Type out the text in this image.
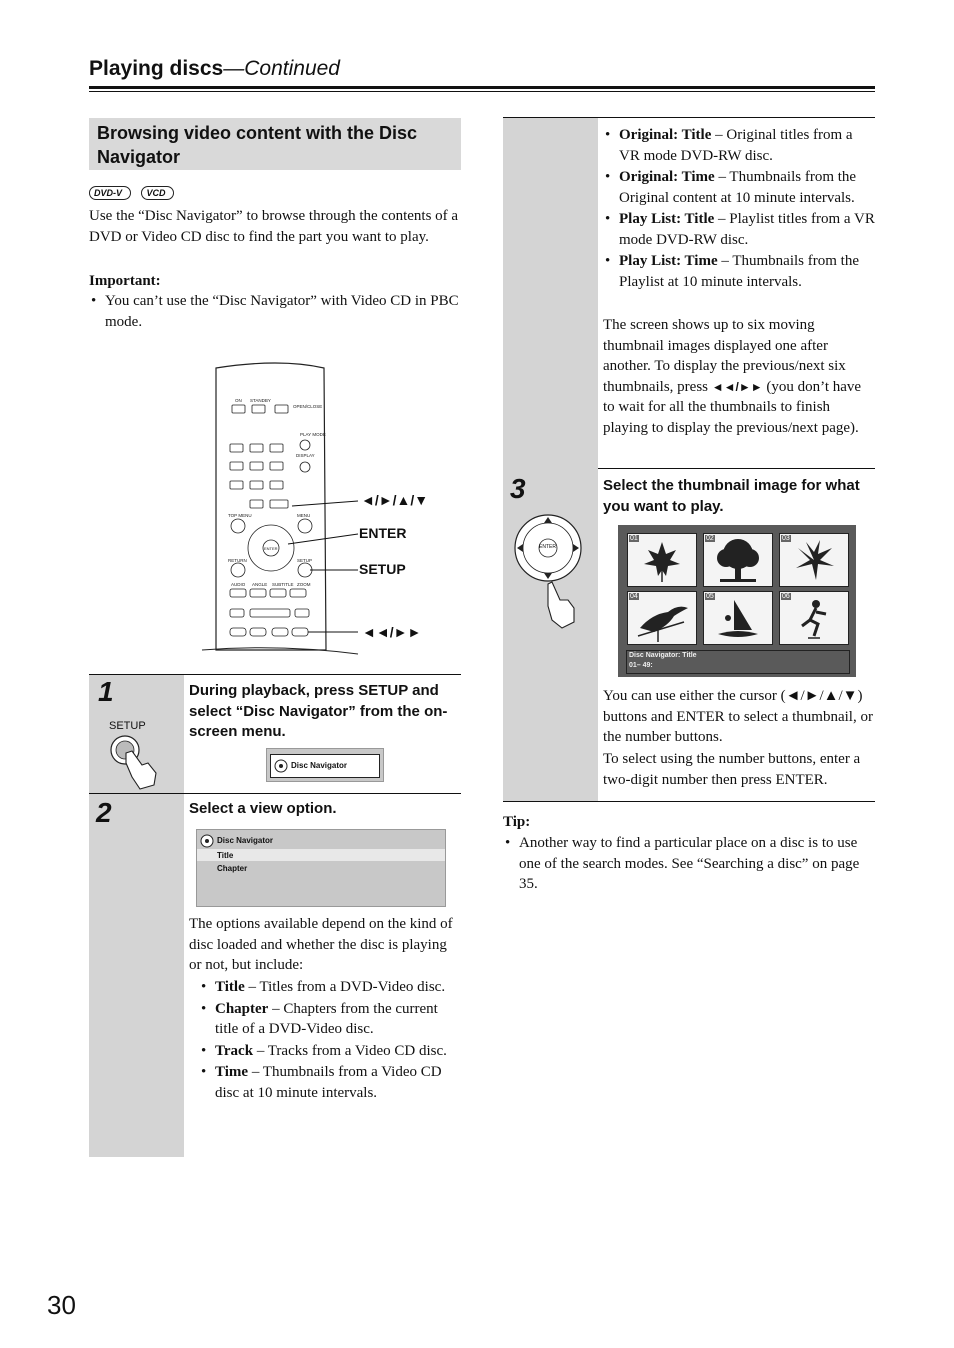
Playing discs—Continued
Browsing video content with the Disc Navigator
DVD-V	VCD
Use the “Disc Navigator” to browse through the contents of a DVD or Video CD disc to find the part you want to play.
Important:
• You can’t use the “Disc Navigator” with Video CD in PBC mode.
ON STANDBY
OPEN/CLOSE
PLAY MODE
DISPLAY
TOP MENU	MENU
RETURN	SETUP
AUDIO ANGLE SUBTITLE ZOOM
ENTER
◄/►/▲/▼
ENTER
SETUP
◄◄/►►
1
SETUP
During playback, press SETUP and select “Disc Navigator” from the on-screen menu.
Disc Navigator
2	Select a view option.
Disc Navigator
Title
Chapter
The options available depend on the kind of disc loaded and whether the disc is playing or not, but include:
• Title – Titles from a DVD-Video disc.
• Chapter – Chapters from the current title of a DVD-Video disc.
• Track – Tracks from a Video CD disc.
• Time – Thumbnails from a Video CD disc at 10 minute intervals.
• Original: Title – Original titles from a VR mode DVD-RW disc.
• Original: Time – Thumbnails from the Original content at 10 minute intervals.
• Play List: Title – Playlist titles from a VR mode DVD-RW disc.
• Play List: Time – Thumbnails from the Playlist at 10 minute intervals.
The screen shows up to six moving thumbnail images displayed one after another. To display the previous/next six thumbnails, press ◄◄/►► (you don’t have to wait for all the thumbnails to finish playing to display the previous/next page).
3	Select the thumbnail image for what you want to play.
ENTER
01	02	03
04	05	06
Disc Navigator: Title
01– 49:
You can use either the cursor (◄/►/▲/▼) buttons and ENTER to select a thumbnail, or the number buttons.
To select using the number buttons, enter a two-digit number then press ENTER.
Tip:
• Another way to find a particular place on a disc is to use one of the search modes. See “Searching a disc” on page 35.
30
